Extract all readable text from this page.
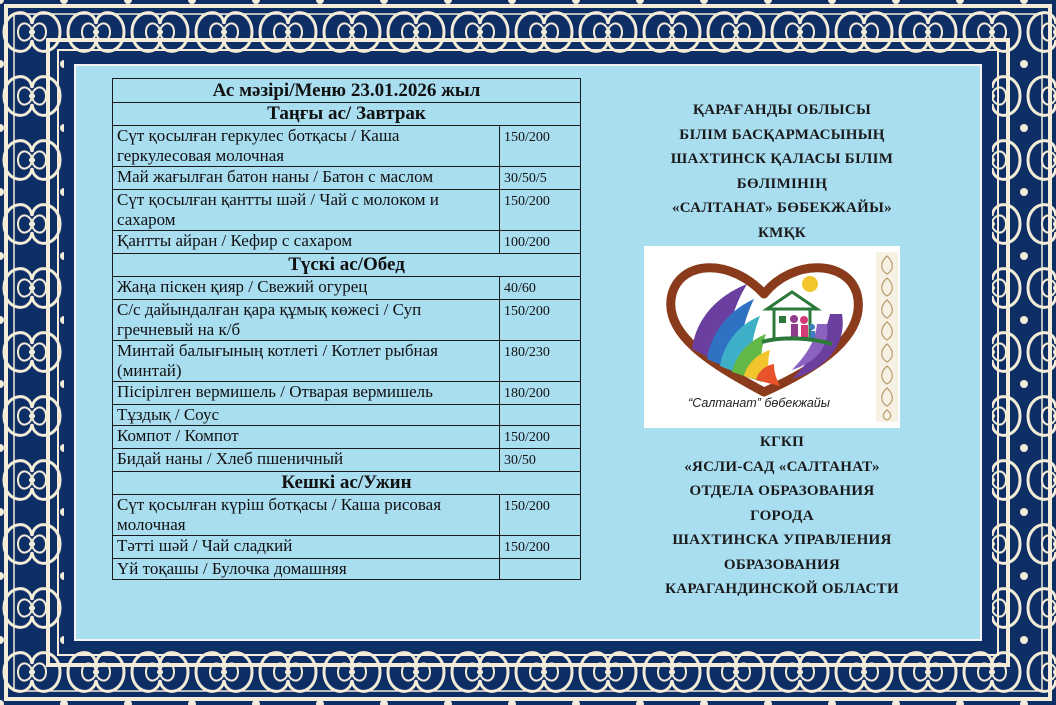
Ас мәзірі/Меню 23.01.2026 жыл	
Таңғы ас/ Завтрак	
Сүт қосылған геркулес ботқасы / Каша геркулесовая молочная	150/200
Май жағылған батон наны / Батон с маслом	30/50/5
Сүт қосылған қантты шәй / Чай с молоком и сахаром	150/200
Қантты айран / Кефир с сахаром	100/200
Түскі ас/Обед	
Жаңа піскен қияр / Свежий огурец	40/60
С/с дайындалған қара құмық көжесі / Суп гречневый на к/б	150/200
Минтай балығының котлеті / Котлет рыбная (минтай)	180/230
Пісірілген вермишель / Отварая вермишель	180/200
Тұздық / Соус	
Компот / Компот	150/200
Бидай наны / Хлеб пшеничный	30/50
Кешкі ас/Ужин	
Сүт қосылған күріш ботқасы / Каша рисовая молочная	150/200
Тәтті шәй / Чай сладкий	150/200
Үй тоқашы / Булочка домашняя	
ҚАРАҒАНДЫ ОБЛЫСЫ
БІЛІМ БАСҚАРМАСЫНЫҢ
ШАХТИНСК ҚАЛАСЫ БІЛІМ
БӨЛІМІНІҢ
«САЛТАНАТ» БӨБЕКЖАЙЫ»
КМҚК
“Салтанат” бөбекжайы
КГКП
«ЯСЛИ-САД «САЛТАНАТ»
ОТДЕЛА ОБРАЗОВАНИЯ
ГОРОДА
ШАХТИНСКА УПРАВЛЕНИЯ
ОБРАЗОВАНИЯ
КАРАГАНДИНСКОЙ ОБЛАСТИ
